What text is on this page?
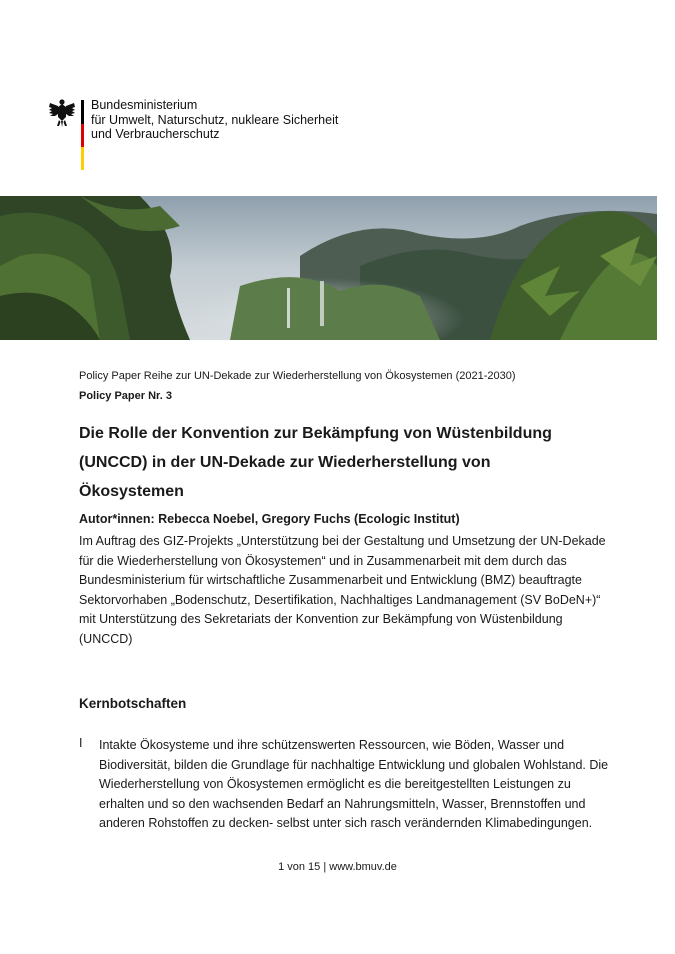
Bundesministerium
für Umwelt, Naturschutz, nukleare Sicherheit
und Verbraucherschutz
Policy Paper Reihe zur UN-Dekade zur Wiederherstellung von Ökosystemen (2021-2030)
Policy Paper Nr. 3
Die Rolle der Konvention zur Bekämpfung von Wüstenbildung
(UNCCD) in der UN-Dekade zur Wiederherstellung von
Ökosystemen
Autor*innen: Rebecca Noebel, Gregory Fuchs (Ecologic Institut)
Im Auftrag des GIZ-Projekts „Unterstützung bei der Gestaltung und Umsetzung der UN-Dekade für die Wiederherstellung von Ökosystemen“ und in Zusammenarbeit mit dem durch das Bundesministerium für wirtschaftliche Zusammenarbeit und Entwicklung (BMZ) beauftragte Sektorvorhaben „Bodenschutz, Desertifikation, Nachhaltiges Landmanagement (SV BoDeN+)“ mit Unterstützung des Sekretariats der Konvention zur Bekämpfung von Wüstenbildung (UNCCD)
Kernbotschaften
I Intakte Ökosysteme und ihre schützenswerten Ressourcen, wie Böden, Wasser und Biodiversität, bilden die Grundlage für nachhaltige Entwicklung und globalen Wohlstand. Die Wiederherstellung von Ökosystemen ermöglicht es die bereitgestellten Leistungen zu erhalten und so den wachsenden Bedarf an Nahrungsmitteln, Wasser, Brennstoffen und anderen Rohstoffen zu decken- selbst unter sich rasch verändernden Klimabedingungen.
1 von 15 | www.bmuv.de
